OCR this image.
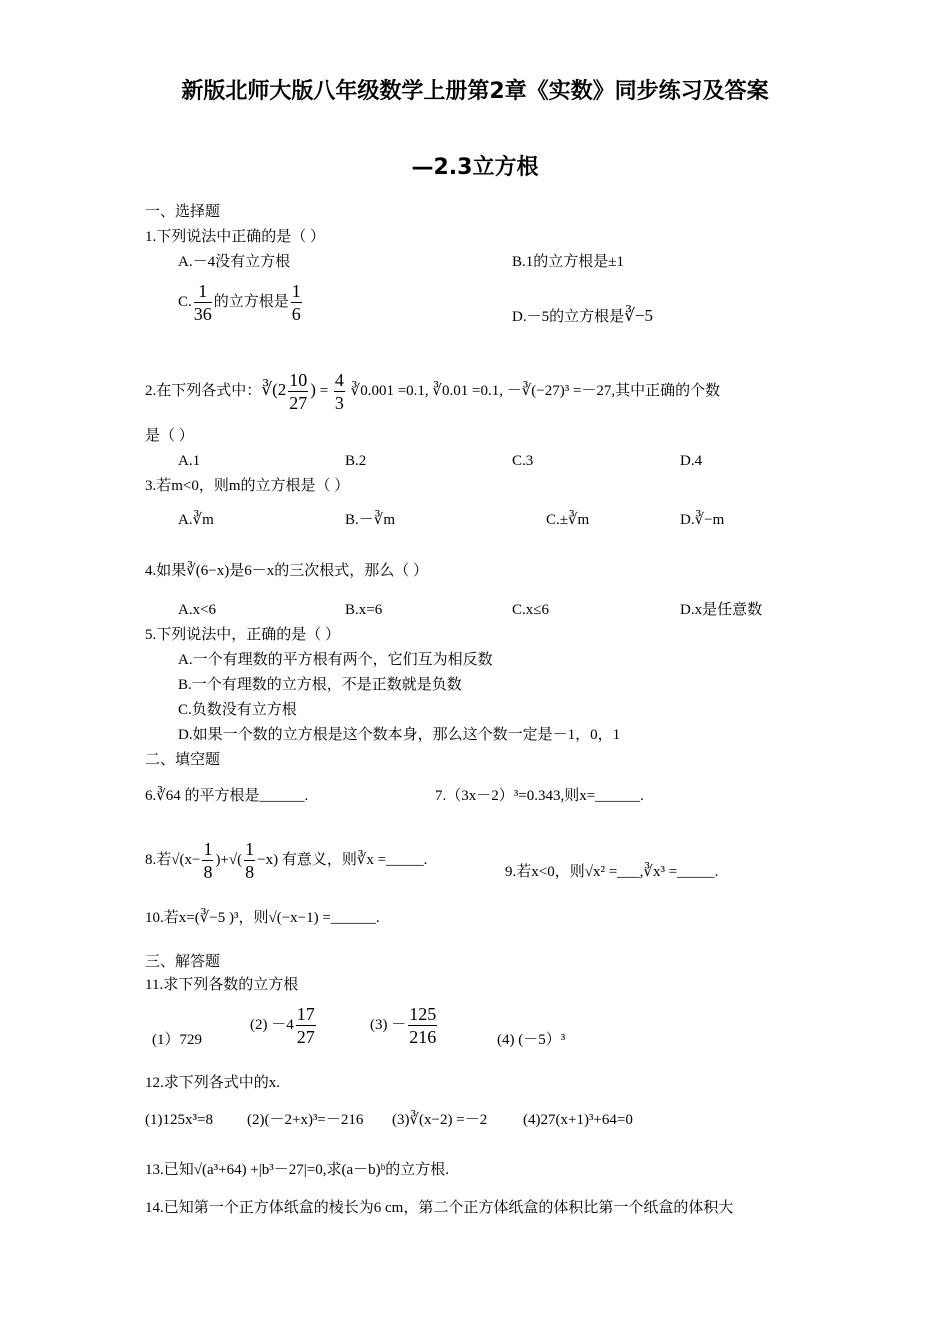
新版北师大版八年级数学上册第2章《实数》同步练习及答案
—2.3立方根
一、选择题
1.下列说法中正确的是（ ）
A.－4没有立方根	B.1的立方根是±1
C. $\frac{1}{36}$ 的立方根是 $\frac{1}{6}$	D.－5的立方根是∛−5
2.在下列各式中：∛(2 $\frac{10}{27}$ ) = $\frac{4}{3}$ ∛0.001 =0.1, ∛0.01 =0.1, －∛(−27)³ =－27,其中正确的个数
是（ ）
A.1	B.2	C.3	D.4
3.若m<0，则m的立方根是（ ）
A.∛m	B.－∛m	C.±∛m	D.∛−m
4.如果∛(6−x)是6－x的三次根式，那么（ ）
A.x<6	B.x=6	C.x≤6	D.x是任意数
5.下列说法中，正确的是（ ）
A.一个有理数的平方根有两个，它们互为相反数
B.一个有理数的立方根，不是正数就是负数
C.负数没有立方根
D.如果一个数的立方根是这个数本身，那么这个数一定是－1，0，1
二、填空题
6.∛64 的平方根是______.	7.（3x－2）³=0.343,则x=______.
8.若$√(x- \frac{1}{8}$ )+√( $\frac{1}{8} -x$) 有意义，则∛x =_____.
9.若x<0，则√x² =___,∛x³ =_____.
10.若x=(∛−5 )³，则√(−x−1) =______.
三、解答题
11.求下列各数的立方根
(1）729
$(2) -4 \frac{17}{27}$	$(3) - \frac{125}{216}$	(4) (－5）³
12.求下列各式中的x.
(1)125x³=8 (2)(－2+x)³=－216 (3)∛(x−2) =－2 (4)27(x+1)³+64=0
13.已知√(a³+64) +|b³－27|=0,求(a－b)ᵇ的立方根.
14.已知第一个正方体纸盒的棱长为6 cm，第二个正方体纸盒的体积比第一个纸盒的体积大
